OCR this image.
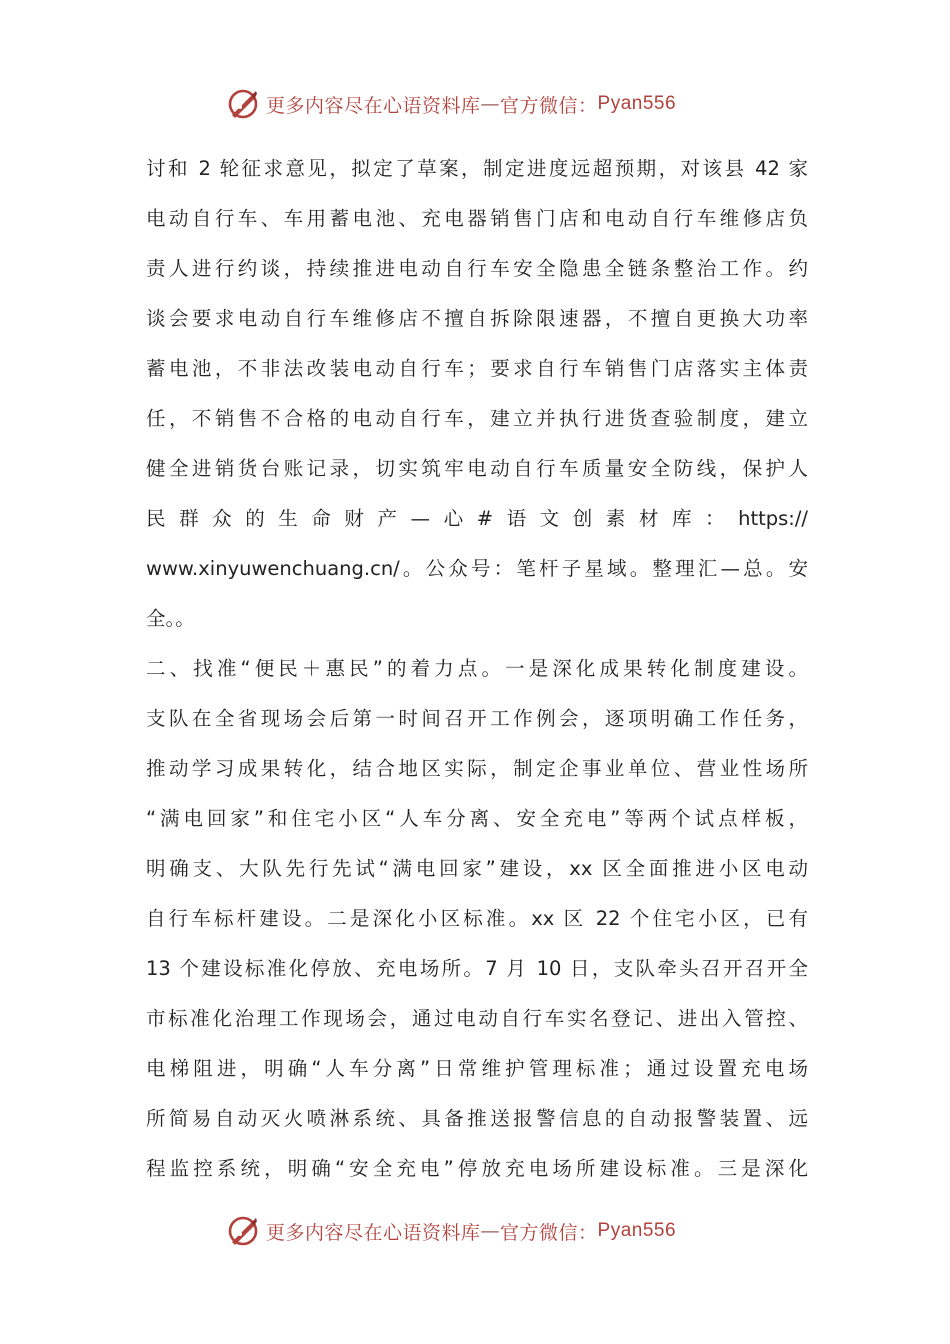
更多内容尽在心语资料库 — 官方微信： Pyan556
讨和 2 轮征求意见，拟定了草案，制定进度远超预期，对该县 42 家
电动自行车、车用蓄电池、充电器销售门店和电动自行车维修店负
责人进行约谈，持续推进电动自行车安全隐患全链条整治工作。约
谈会要求电动自行车维修店不擅自拆除限速器，不擅自更换大功率
蓄电池，不非法改装电动自行车；要求自行车销售门店落实主体责
任，不销售不合格的电动自行车，建立并执行进货查验制度，建立
健全进销货台账记录，切实筑牢电动自行车质量安全防线，保护人
民群众的生命财产—心#语文创素材库：https://
www.xinyuwenchuang.cn/。公众号：笔杆子星域。整理汇—总。安
全。。
二、找准“便民＋惠民”的着力点。一是深化成果转化制度建设。
支队在全省现场会后第一时间召开工作例会，逐项明确工作任务，
推动学习成果转化，结合地区实际，制定企事业单位、营业性场所
“满电回家”和住宅小区“人车分离、安全充电”等两个试点样板，
明确支、大队先行先试“满电回家”建设，xx 区全面推进小区电动
自行车标杆建设。二是深化小区标准。xx 区 22 个住宅小区，已有
13 个建设标准化停放、充电场所。7 月 10 日，支队牵头召开召开全
市标准化治理工作现场会，通过电动自行车实名登记、进出入管控、
电梯阻进，明确“人车分离”日常维护管理标准；通过设置充电场
所简易自动灭火喷淋系统、具备推送报警信息的自动报警装置、远
程监控系统，明确“安全充电”停放充电场所建设标准。三是深化
更多内容尽在心语资料库 — 官方微信： Pyan556
